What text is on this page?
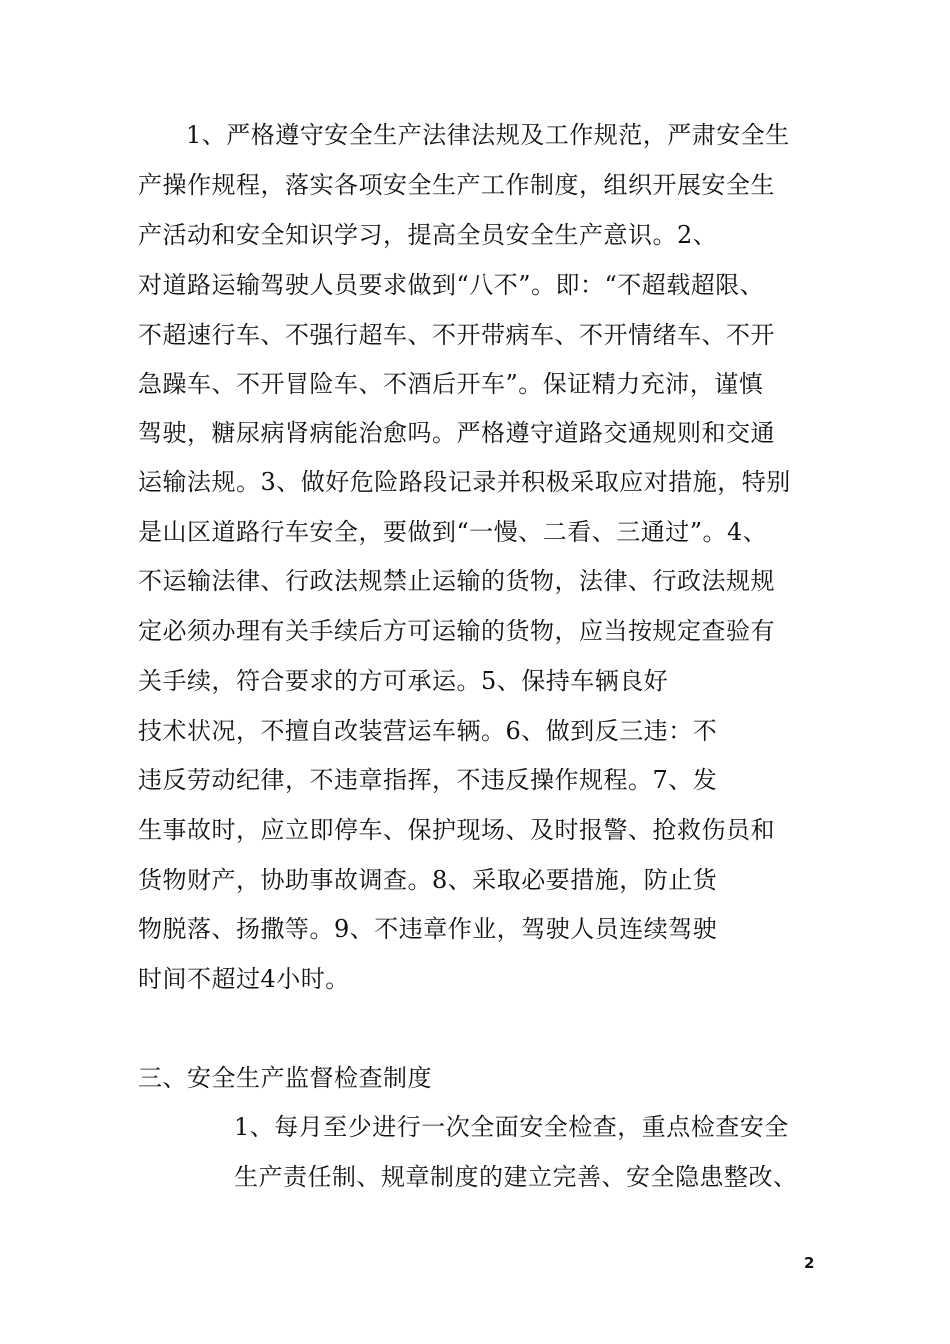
1、严格遵守安全生产法律法规及工作规范，严肃安全生
产操作规程，落实各项安全生产工作制度，组织开展安全生
产活动和安全知识学习，提高全员安全生产意识。2、
对道路运输驾驶人员要求做到“八不”。即：“不超载超限、
不超速行车、不强行超车、不开带病车、不开情绪车、不开
急躁车、不开冒险车、不酒后开车”。保证精力充沛，谨慎
驾驶，糖尿病肾病能治愈吗。严格遵守道路交通规则和交通
运输法规。3、做好危险路段记录并积极采取应对措施，特别
是山区道路行车安全，要做到“一慢、二看、三通过”。4、
不运输法律、行政法规禁止运输的货物，法律、行政法规规
定必须办理有关手续后方可运输的货物，应当按规定查验有
关手续，符合要求的方可承运。5、保持车辆良好
技术状况，不擅自改装营运车辆。6、做到反三违：不
违反劳动纪律，不违章指挥，不违反操作规程。7、发
生事故时，应立即停车、保护现场、及时报警、抢救伤员和
货物财产，协助事故调查。8、采取必要措施，防止货
物脱落、扬撒等。9、不违章作业，驾驶人员连续驾驶
时间不超过4小时。
三、安全生产监督检查制度
1、每月至少进行一次全面安全检查，重点检查安全
生产责任制、规章制度的建立完善、安全隐患整改、
2
